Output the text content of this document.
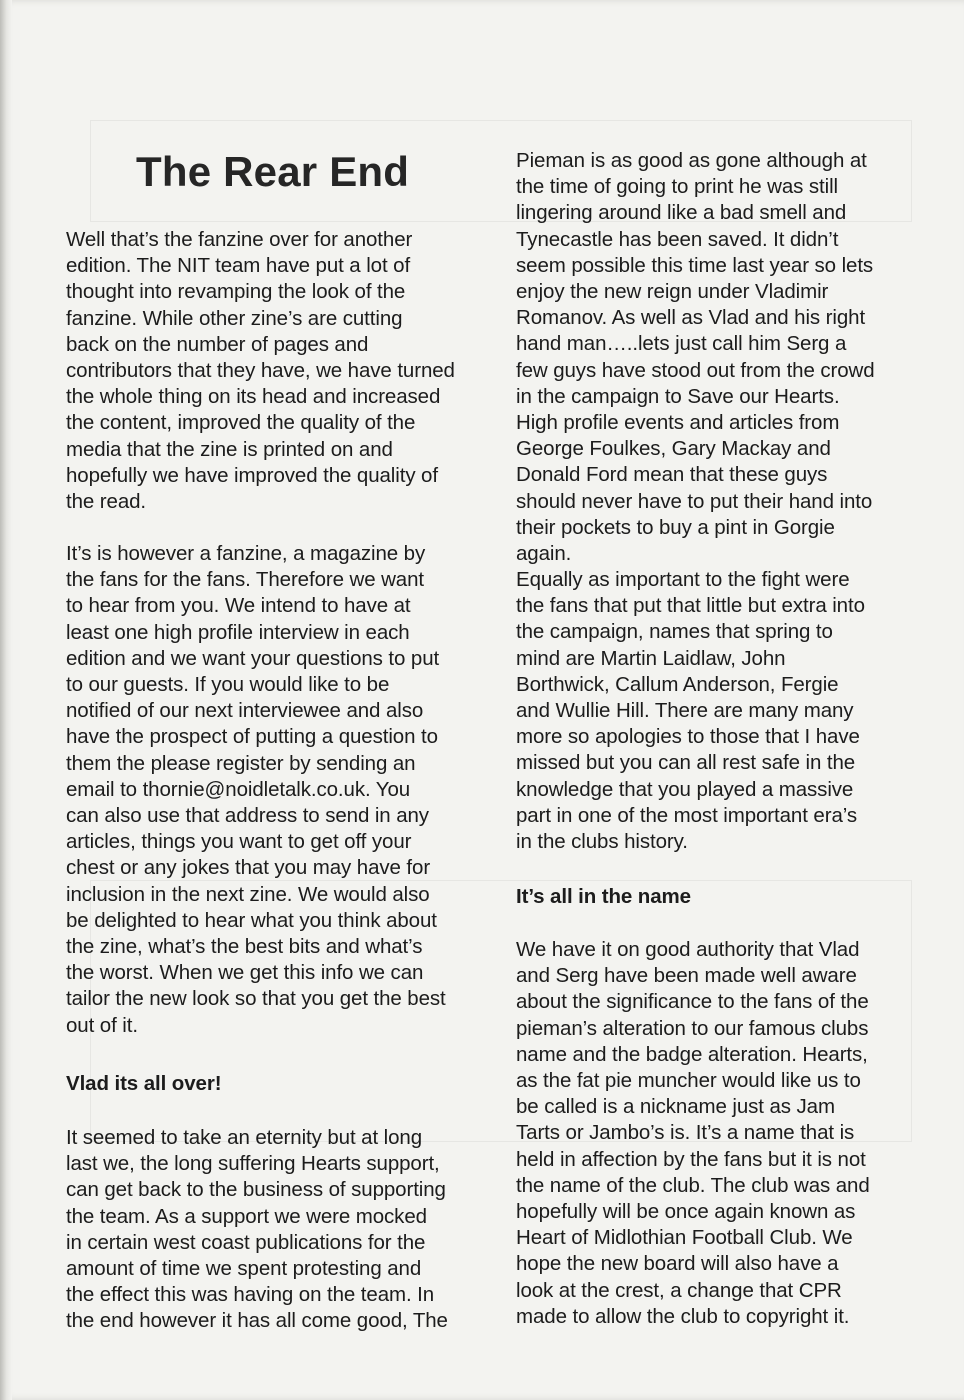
The Rear End

Well that’s the fanzine over for another
edition. The NIT team have put a lot of
thought into revamping the look of the
fanzine. While other zine’s are cutting
back on the number of pages and
contributors that they have, we have turned
the whole thing on its head and increased
the content, improved the quality of the
media that the zine is printed on and
hopefully we have improved the quality of
the read.

It’s is however a fanzine, a magazine by
the fans for the fans. Therefore we want
to hear from you. We intend to have at
least one high profile interview in each
edition and we want your questions to put
to our guests. If you would like to be
notified of our next interviewee and also
have the prospect of putting a question to
them the please register by sending an
email to thornie@noidletalk.co.uk. You
can also use that address to send in any
articles, things you want to get off your
chest or any jokes that you may have for
inclusion in the next zine. We would also
be delighted to hear what you think about
the zine, what’s the best bits and what’s
the worst. When we get this info we can
tailor the new look so that you get the best
out of it.

Vlad its all over!

It seemed to take an eternity but at long
last we, the long suffering Hearts support,
can get back to the business of supporting
the team. As a support we were mocked
in certain west coast publications for the
amount of time we spent protesting and
the effect this was having on the team. In
the end however it has all come good, The

Pieman is as good as gone although at
the time of going to print he was still
lingering around like a bad smell and
Tynecastle has been saved. It didn’t
seem possible this time last year so lets
enjoy the new reign under Vladimir
Romanov. As well as Vlad and his right
hand man…..lets just call him Serg a
few guys have stood out from the crowd
in the campaign to Save our Hearts.
High profile events and articles from
George Foulkes, Gary Mackay and
Donald Ford mean that these guys
should never have to put their hand into
their pockets to buy a pint in Gorgie
again.

Equally as important to the fight were
the fans that put that little but extra into
the campaign, names that spring to
mind are Martin Laidlaw, John
Borthwick, Callum Anderson, Fergie
and Wullie Hill. There are many many
more so apologies to those that I have
missed but you can all rest safe in the
knowledge that you played a massive
part in one of the most important era’s
in the clubs history.

It’s all in the name

We have it on good authority that Vlad
and Serg have been made well aware
about the significance to the fans of the
pieman’s alteration to our famous clubs
name and the badge alteration. Hearts,
as the fat pie muncher would like us to
be called is a nickname just as Jam
Tarts or Jambo’s is. It’s a name that is
held in affection by the fans but it is not
the name of the club. The club was and
hopefully will be once again known as
Heart of Midlothian Football Club. We
hope the new board will also have a
look at the crest, a change that CPR
made to allow the club to copyright it.
